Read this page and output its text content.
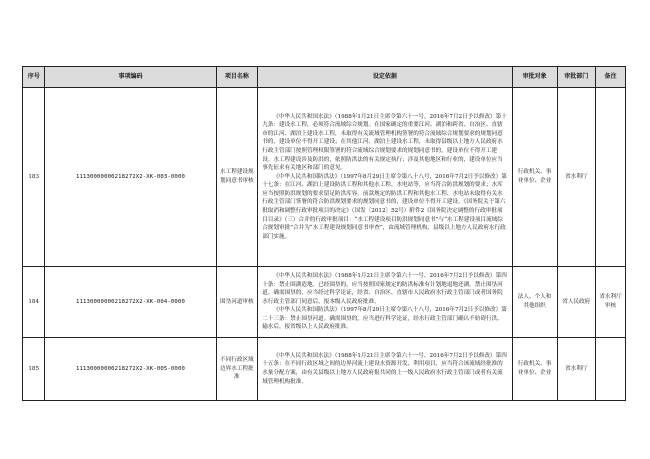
序号	事项编码	项目名称	设定依据	审批对象	审批部门	备注
183	11130000000218272X2-XK-003-0000	水工程建设规划同意书审核	《中华人民共和国水法》（1988年1月21日主席令第六十一号，2016年7月2日予以修改）第十九条：建设水工程，必须符合流域综合规划。在国家确定的重要江河、湖泊和跨省、自治区、直辖市的江河、湖泊上建设水工程，未取得有关流域管理机构签署的符合流域综合规划要求的规划同意书的，建设单位不得开工建设；在其他江河、湖泊上建设水工程，未取得县级以上地方人民政府水行政主管部门按照管理权限签署的符合流域综合规划要求的规划同意书的，建设单位不得开工建设。水工程建设涉及防洪的，依照防洪法的有关规定执行；涉及其他地区和行业的，建设单位应当事先征求有关地区和部门的意见。

《中华人民共和国防洪法》（1997年8月29日主席令第八十八号，2016年7月2日予以修改）第十七条：在江河、湖泊上建设防洪工程和其他水工程、水电站等，应当符合防洪规划的要求；水库应当按照防洪规划的要求留足防洪库容。前款规定的防洪工程和其他水工程、水电站未取得有关水行政主管部门签署的符合防洪规划要求的规划同意书的，建设单位不得开工建设。《国务院关于第六批取消和调整行政审批项目的决定》（国发〔2012〕52号）附件2《国务院决定调整的行政审批项目目录》（三）合并的行政审批项目：“水工程建设项目防洪规划同意书”与“水工程建设项目流域综合规划审批”合并为“水工程建设规划同意书审查”，由流域管理机构、县级以上地方人民政府水行政部门实施。	行政机关、事业单位、企业	省水利厅	
184	11130000000218272X2-XK-004-0000	围垦河道审核	《中华人民共和国水法》（1988年1月21日主席令第六十一号，2016年7月2日予以修改）第四十条：禁止围湖造地。已经围垦的，应当按照国家规定的防洪标准有计划地退地还湖。禁止围垦河道。确需围垦的，应当经过科学论证，经省、自治区、直辖市人民政府水行政主管部门或者国务院水行政主管部门同意后，报本级人民政府批准。

《中华人民共和国防洪法》（1997年8月29日主席令第八十八号，2016年7月2日予以修改）第二十三条：禁止围垦河道。确需围垦的，应当进行科学论证，经水行政主管部门确认不妨碍行洪、输水后，报省级以上人民政府批准。	法人、个人和其他组织	省人民政府	省水利厅审核
185	11130000000218272X2-XK-005-0000	不同行政区域边界水工程批准	《中华人民共和国水法》（1988年1月21日主席令第六十一号，2016年7月2日予以修改）第四十五条：在不同行政区域之间的边界河流上建设水资源开发、利用项目，应当符合该流域经批准的水量分配方案，由有关县级以上地方人民政府报共同的上一级人民政府水行政主管部门或者有关流域管理机构批准。	行政机关、事业单位、企业	省水利厅	
